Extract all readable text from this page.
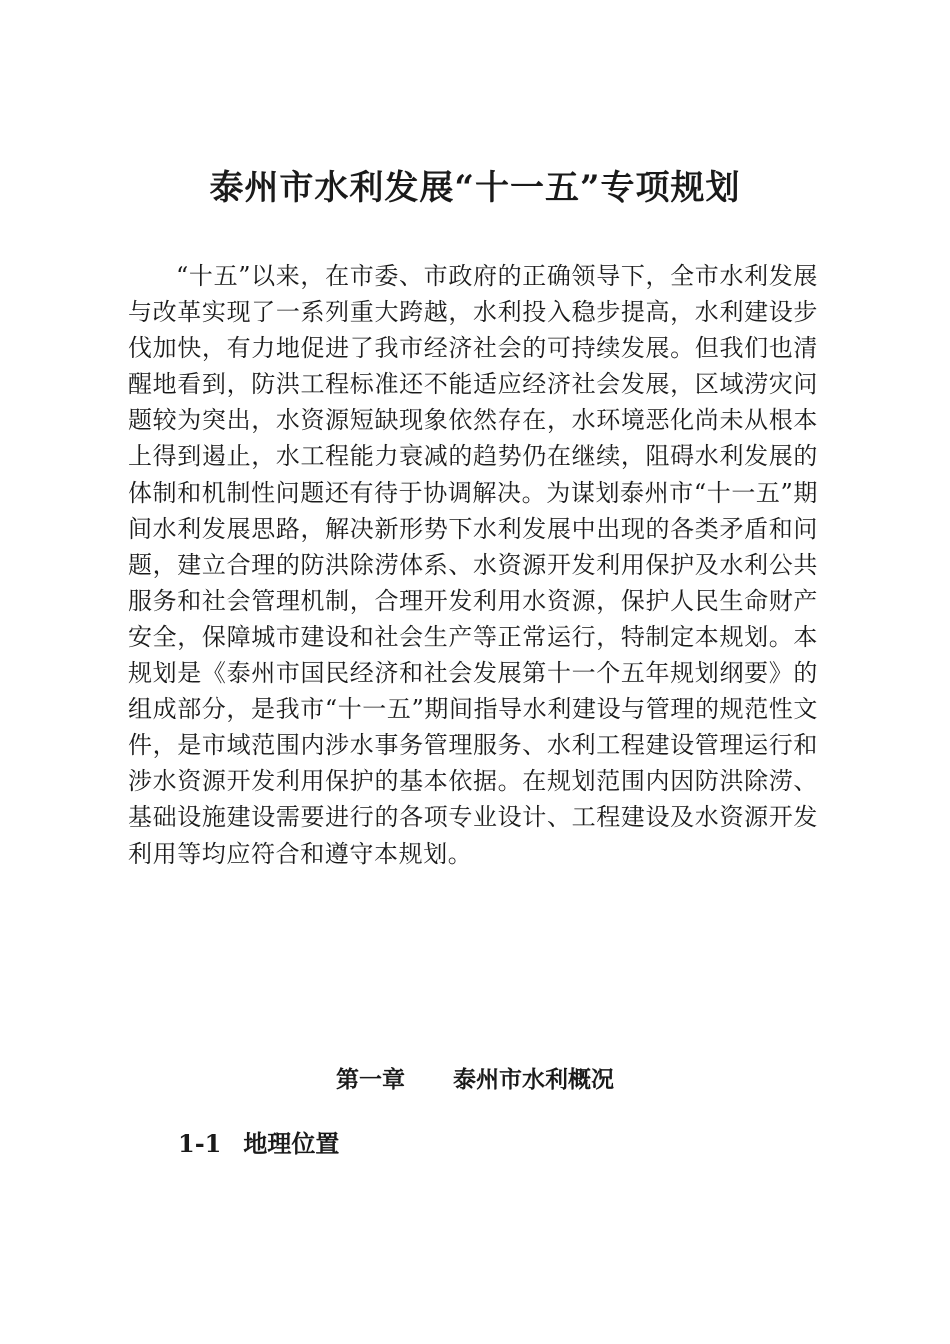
泰州市水利发展“十一五”专项规划

“十五”以来，在市委、市政府的正确领导下，全市水利发展与改革实现了一系列重大跨越，水利投入稳步提高，水利建设步伐加快，有力地促进了我市经济社会的可持续发展。但我们也清醒地看到，防洪工程标准还不能适应经济社会发展，区域涝灾问题较为突出，水资源短缺现象依然存在，水环境恶化尚未从根本上得到遏止，水工程能力衰减的趋势仍在继续，阻碍水利发展的体制和机制性问题还有待于协调解决。为谋划泰州市“十一五”期间水利发展思路，解决新形势下水利发展中出现的各类矛盾和问题，建立合理的防洪除涝体系、水资源开发利用保护及水利公共服务和社会管理机制，合理开发利用水资源，保护人民生命财产安全，保障城市建设和社会生产等正常运行，特制定本规划。本规划是《泰州市国民经济和社会发展第十一个五年规划纲要》的组成部分，是我市“十一五”期间指导水利建设与管理的规范性文件，是市域范围内涉水事务管理服务、水利工程建设管理运行和涉水资源开发利用保护的基本依据。在规划范围内因防洪除涝、基础设施建设需要进行的各项专业设计、工程建设及水资源开发利用等均应符合和遵守本规划。

第一章 泰州市水利概况
1-1 地理位置
